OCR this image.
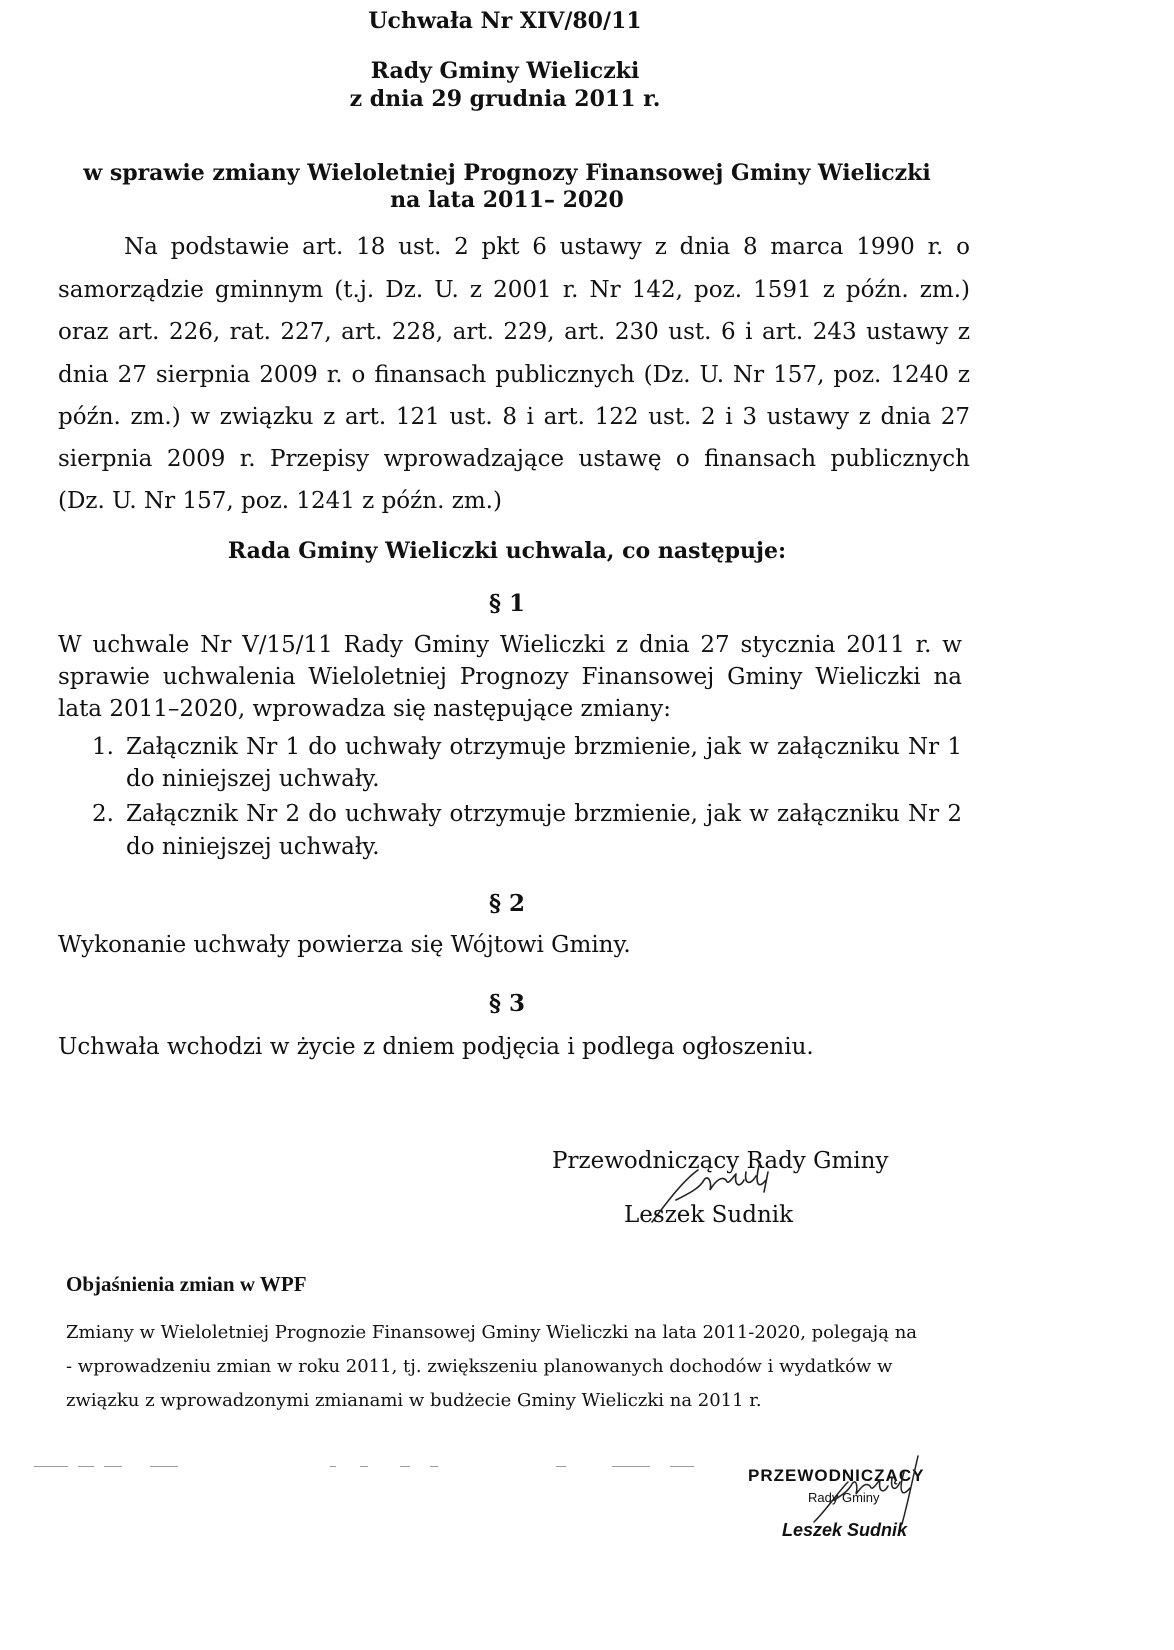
Uchwała Nr XIV/80/11
Rady Gminy Wieliczki
z dnia 29 grudnia 2011 r.
w sprawie zmiany Wieloletniej Prognozy Finansowej Gminy Wieliczki
na lata 2011– 2020
Na podstawie art. 18 ust. 2 pkt 6 ustawy z dnia 8 marca 1990 r. o
samorządzie gminnym (t.j. Dz. U. z 2001 r. Nr 142, poz. 1591 z późn. zm.)
oraz art. 226, rat. 227, art. 228, art. 229, art. 230 ust. 6 i art. 243 ustawy z
dnia 27 sierpnia 2009 r. o finansach publicznych (Dz. U. Nr 157, poz. 1240 z
późn. zm.) w związku z art. 121 ust. 8 i art. 122 ust. 2 i 3 ustawy z dnia 27
sierpnia 2009 r. Przepisy wprowadzające ustawę o finansach publicznych
(Dz. U. Nr 157, poz. 1241 z późn. zm.)
Rada Gminy Wieliczki uchwala, co następuje:
§ 1
W uchwale Nr V/15/11 Rady Gminy Wieliczki z dnia 27 stycznia 2011 r. w
sprawie uchwalenia Wieloletniej Prognozy Finansowej Gminy Wieliczki na
lata 2011–2020, wprowadza się następujące zmiany:
1. Załącznik Nr 1 do uchwały otrzymuje brzmienie, jak w załączniku Nr 1
do niniejszej uchwały.
2. Załącznik Nr 2 do uchwały otrzymuje brzmienie, jak w załączniku Nr 2
do niniejszej uchwały.
§ 2
Wykonanie uchwały powierza się Wójtowi Gminy.
§ 3
Uchwała wchodzi w życie z dniem podjęcia i podlega ogłoszeniu.
Przewodniczący Rady Gminy
Leszek Sudnik
Objaśnienia zmian w WPF
Zmiany w Wieloletniej Prognozie Finansowej Gminy Wieliczki na lata 2011-2020, polegają na
- wprowadzeniu zmian w roku 2011, tj. zwiększeniu planowanych dochodów i wydatków w
związku z wprowadzonymi zmianami w budżecie Gminy Wieliczki na 2011 r.
PRZEWODNICZĄCY
Rady Gminy
Leszek Sudnik
